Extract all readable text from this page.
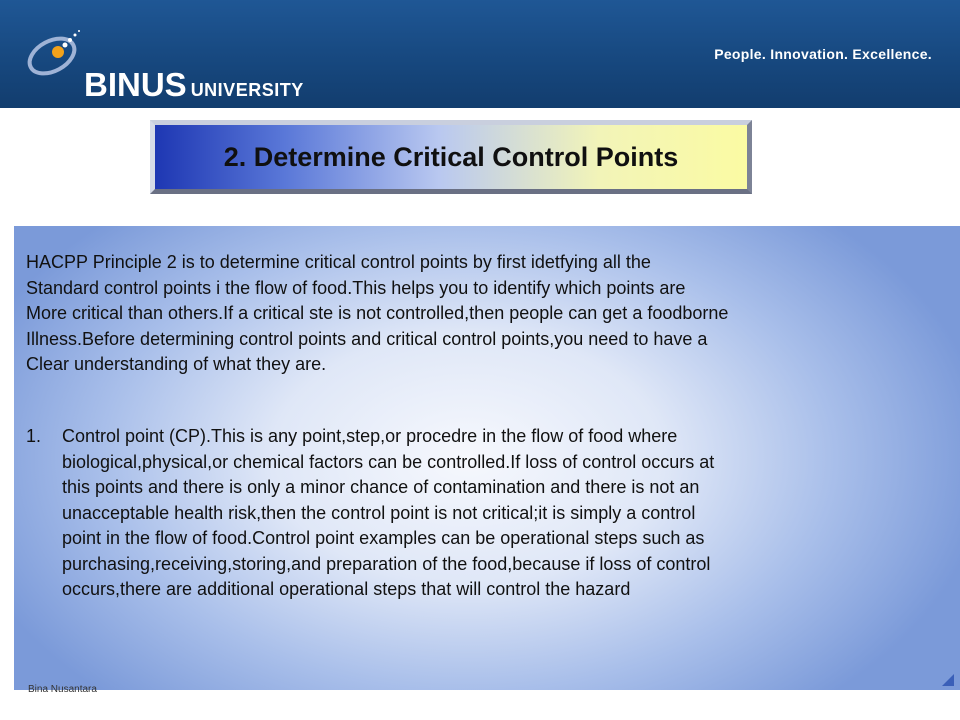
BINUS UNIVERSITY
People. Innovation. Excellence.
2. Determine Critical Control Points
HACPP Principle 2 is to determine critical control points by first idetfying all the
Standard control points i the flow of food.This helps you to identify which points are
More critical than others.If a critical ste is not controlled,then people can get a foodborne
Illness.Before determining control points and critical control points,you need to have a
Clear understanding of what they are.
1. Control point (CP).This is any point,step,or procedre in the flow of food where
biological,physical,or chemical factors can be controlled.If loss of control occurs at
this points and there is only a minor chance of contamination and there is not an
unacceptable health risk,then the control point is not critical;it is simply a control
point in the flow of food.Control point examples can be operational steps such as
purchasing,receiving,storing,and preparation of the food,because if loss of control
occurs,there are additional operational steps that will control the hazard
Bina Nusantara
